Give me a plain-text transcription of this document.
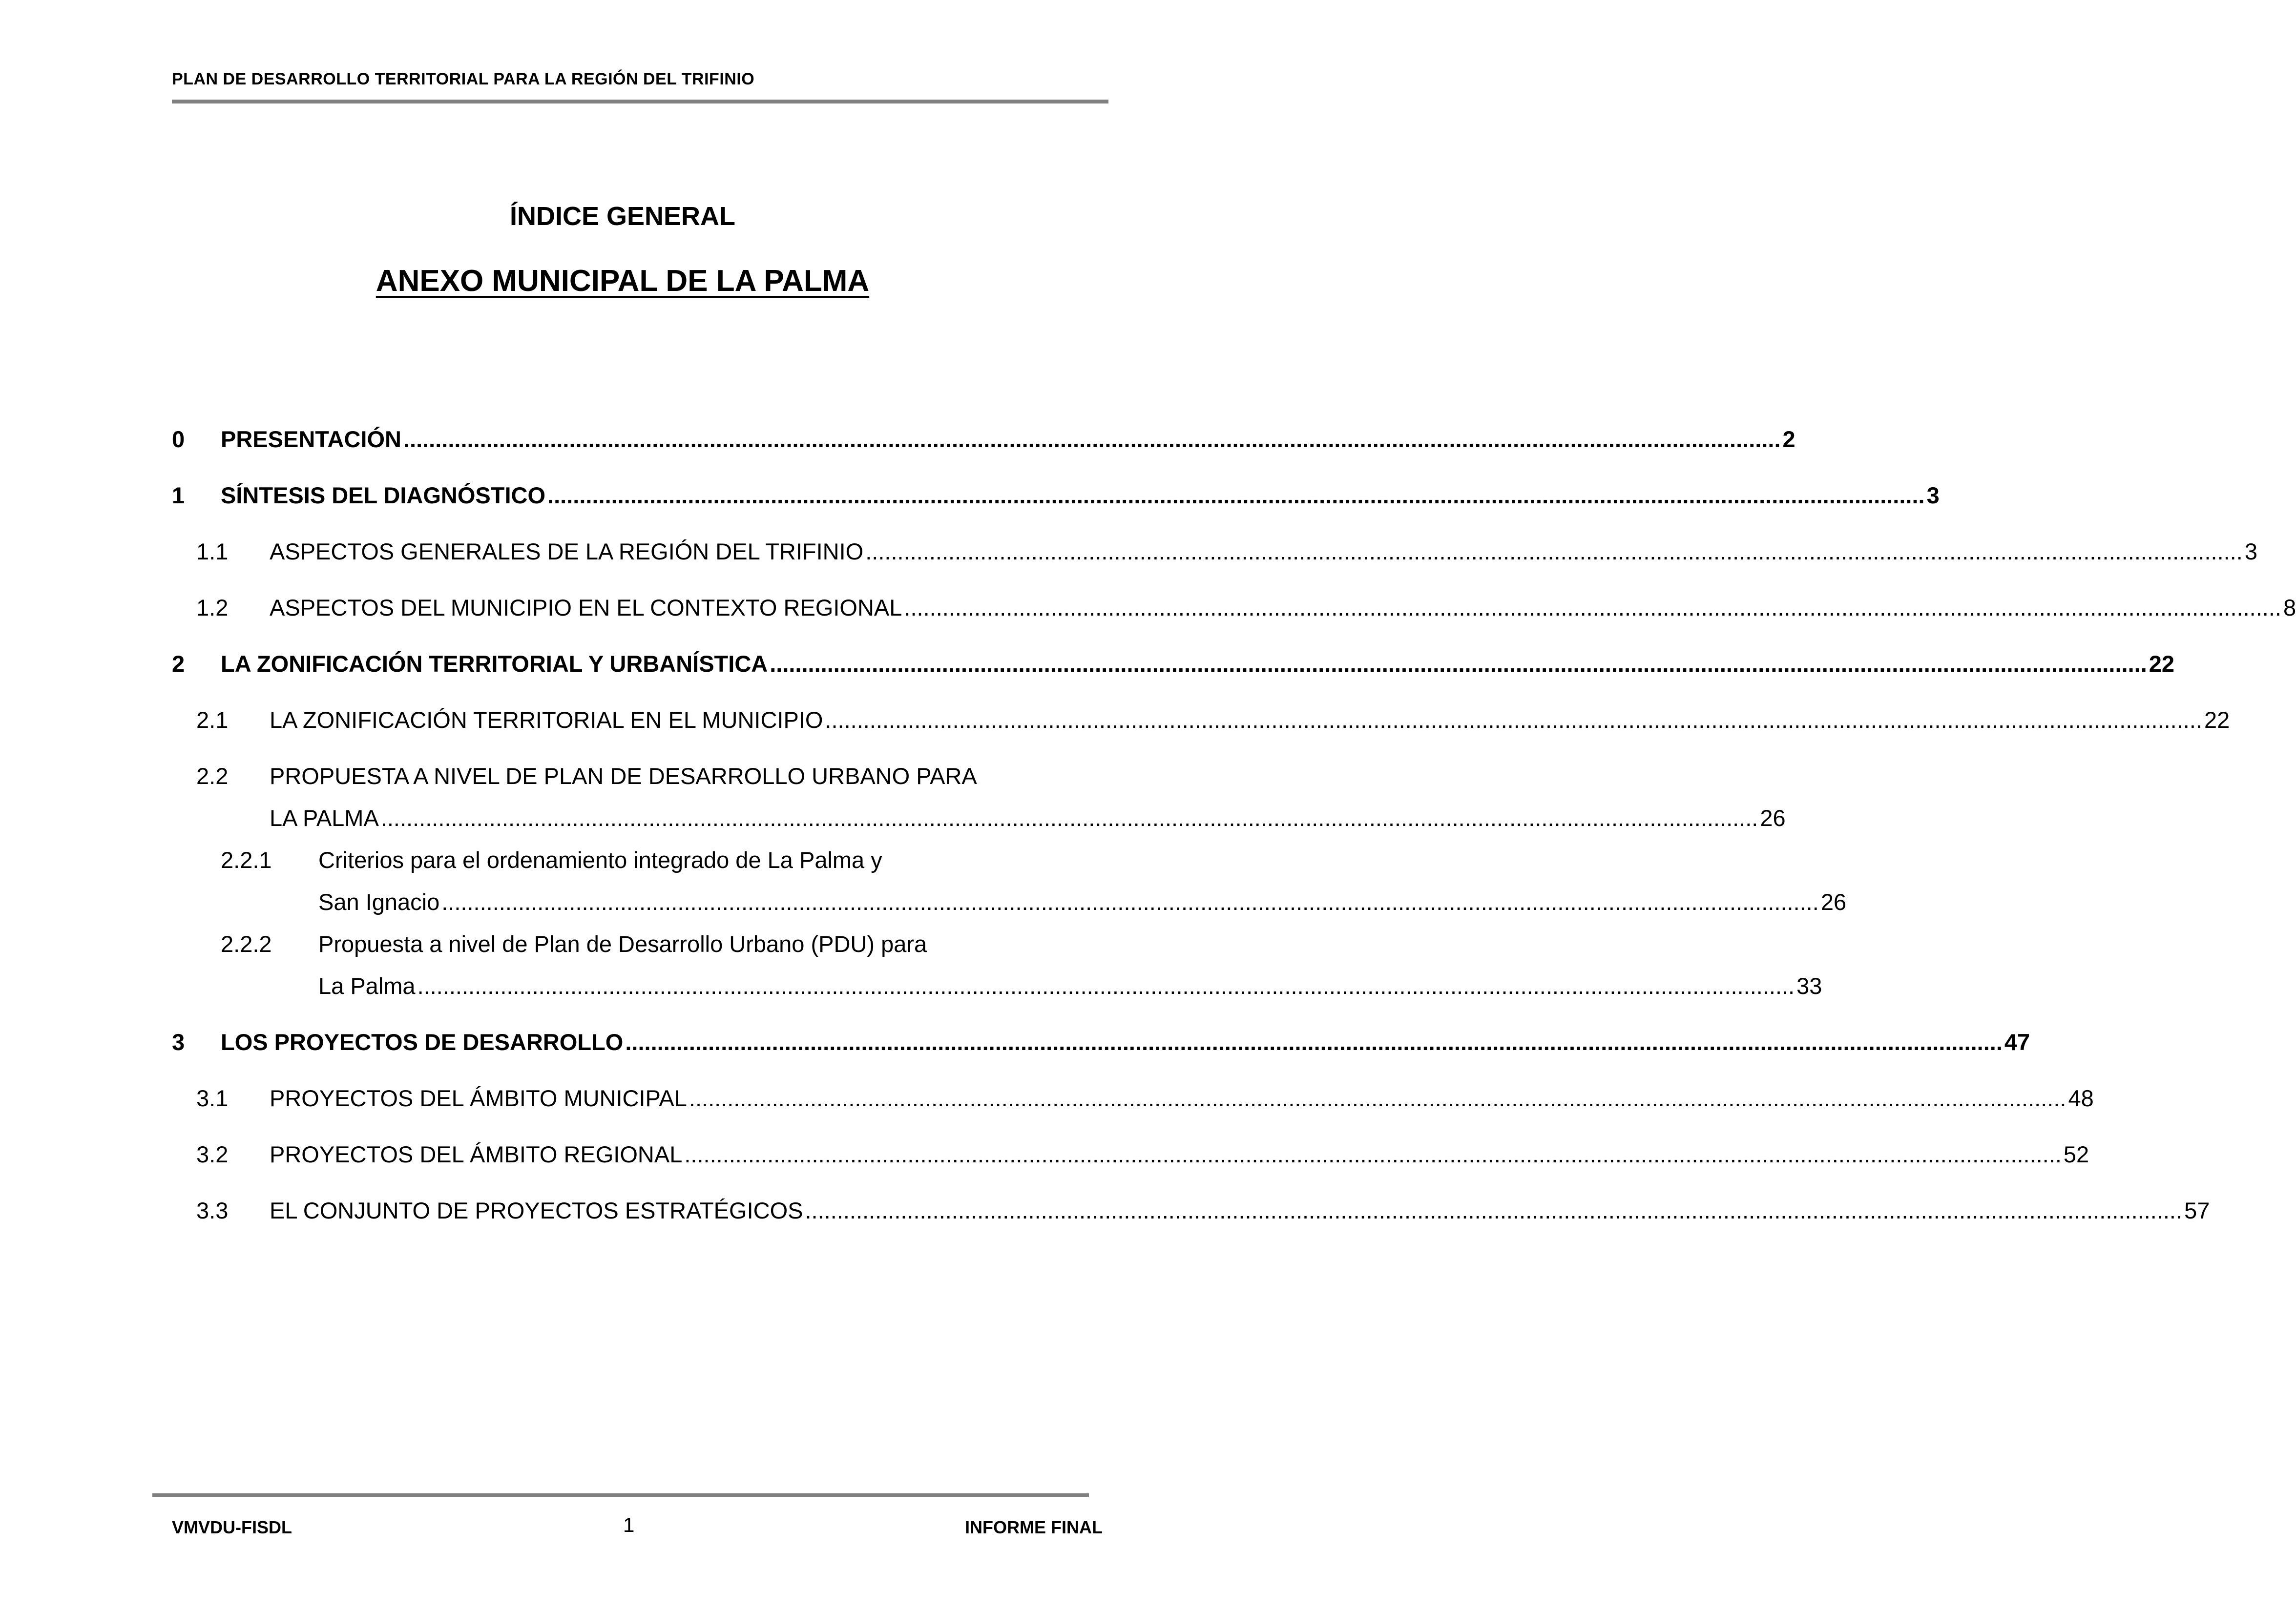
PLAN DE DESARROLLO TERRITORIAL PARA LA REGIÓN DEL TRIFINIO
ÍNDICE GENERAL
ANEXO MUNICIPAL DE LA PALMA
0 PRESENTACIÓN ........................................................................................................................................................................................................................ 2
1 SÍNTESIS DEL DIAGNÓSTICO ........................................................................................................................................................................................................................ 3
1.1 ASPECTOS GENERALES DE LA REGIÓN DEL TRIFINIO ........................................................................................................................................................................................................................ 3
1.2 ASPECTOS DEL MUNICIPIO EN EL CONTEXTO REGIONAL ........................................................................................................................................................................................................................ 8
2 LA ZONIFICACIÓN TERRITORIAL Y URBANÍSTICA ........................................................................................................................................................................................................................ 22
2.1 LA ZONIFICACIÓN TERRITORIAL EN EL MUNICIPIO ........................................................................................................................................................................................................................ 22
2.2 PROPUESTA A NIVEL DE PLAN DE DESARROLLO URBANO PARA
LA PALMA ........................................................................................................................................................................................................................ 26
2.2.1 Criterios para el ordenamiento integrado de La Palma y
San Ignacio ........................................................................................................................................................................................................................ 26
2.2.2 Propuesta a nivel de Plan de Desarrollo Urbano (PDU) para
La Palma ........................................................................................................................................................................................................................ 33
3 LOS PROYECTOS DE DESARROLLO ........................................................................................................................................................................................................................ 47
3.1 PROYECTOS DEL ÁMBITO MUNICIPAL ........................................................................................................................................................................................................................ 48
3.2 PROYECTOS DEL ÁMBITO REGIONAL ........................................................................................................................................................................................................................ 52
3.3 EL CONJUNTO DE PROYECTOS ESTRATÉGICOS ........................................................................................................................................................................................................................ 57
VMVDU-FISDL	1	INFORME FINAL
